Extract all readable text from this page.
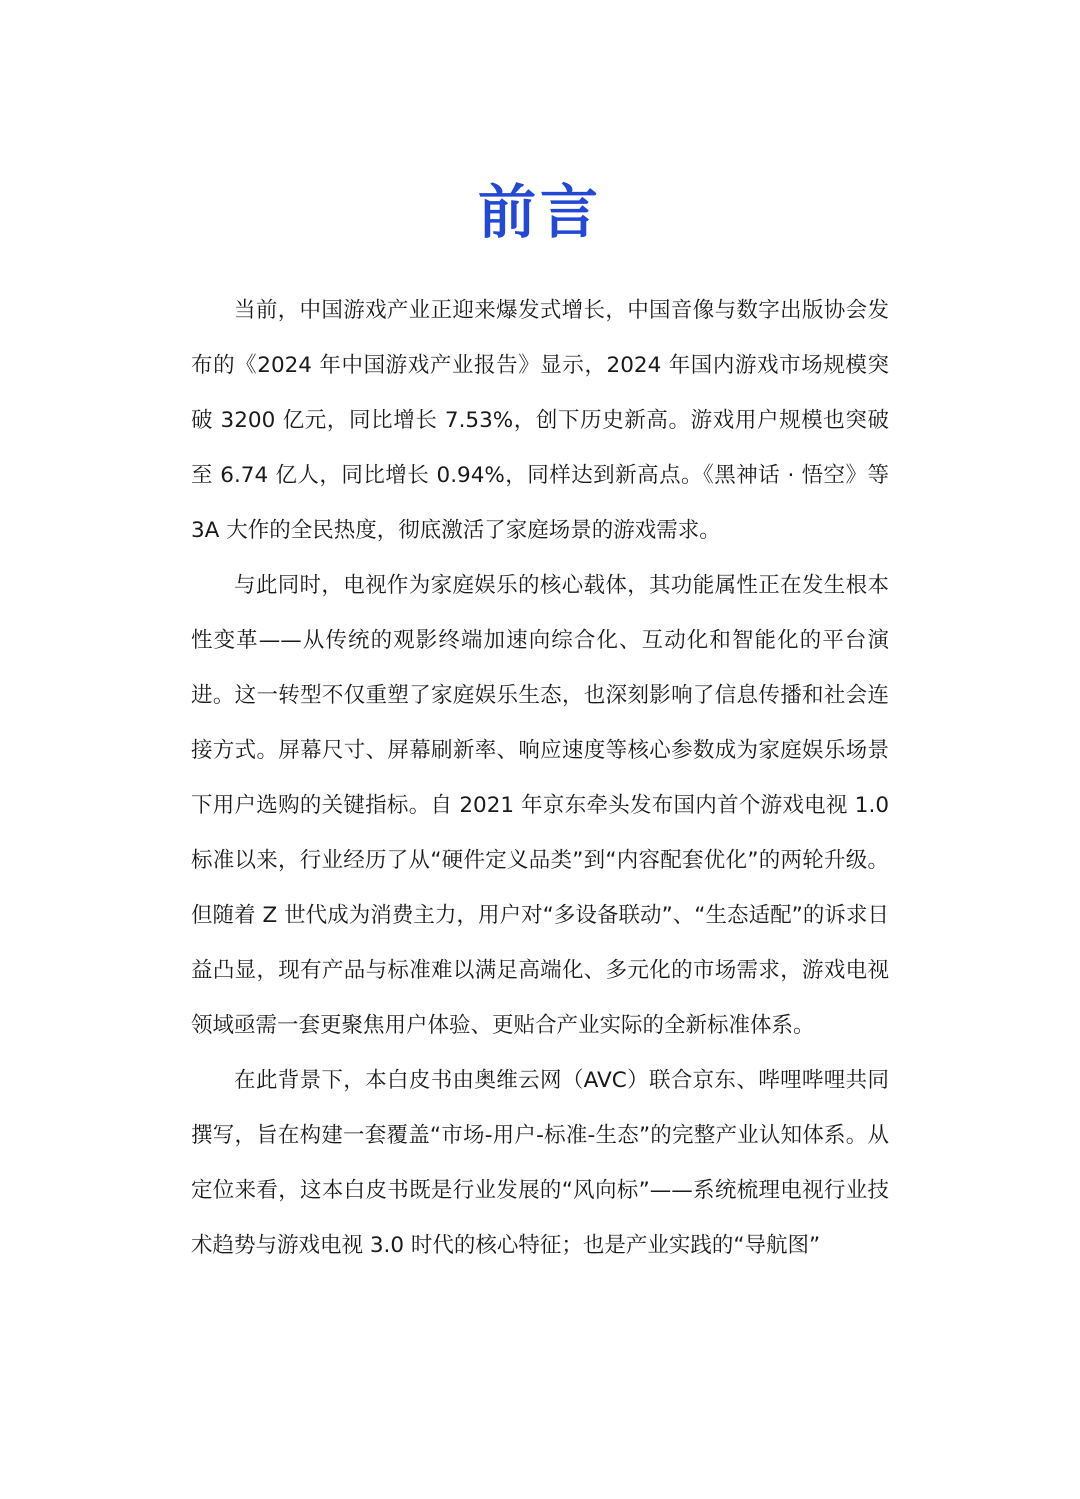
前言

当前，中国游戏产业正迎来爆发式增长，中国音像与数字出版协会发布的《2024 年中国游戏产业报告》显示，2024 年国内游戏市场规模突破 3200 亿元，同比增长 7.53%，创下历史新高。游戏用户规模也突破至 6.74 亿人，同比增长 0.94%，同样达到新高点。《黑神话 · 悟空》等 3A 大作的全民热度，彻底激活了家庭场景的游戏需求。

与此同时，电视作为家庭娱乐的核心载体，其功能属性正在发生根本性变革——从传统的观影终端加速向综合化、互动化和智能化的平台演进。这一转型不仅重塑了家庭娱乐生态，也深刻影响了信息传播和社会连接方式。屏幕尺寸、屏幕刷新率、响应速度等核心参数成为家庭娱乐场景下用户选购的关键指标。自 2021 年京东牵头发布国内首个游戏电视 1.0 标准以来，行业经历了从“硬件定义品类”到“内容配套优化”的两轮升级。但随着 Z 世代成为消费主力，用户对“多设备联动”、“生态适配”的诉求日益凸显，现有产品与标准难以满足高端化、多元化的市场需求，游戏电视领域亟需一套更聚焦用户体验、更贴合产业实际的全新标准体系。

在此背景下，本白皮书由奥维云网（AVC）联合京东、哔哩哔哩共同撰写，旨在构建一套覆盖“市场-用户-标准-生态”的完整产业认知体系。从定位来看，这本白皮书既是行业发展的“风向标”——系统梳理电视行业技术趋势与游戏电视 3.0 时代的核心特征；也是产业实践的“导航图”
